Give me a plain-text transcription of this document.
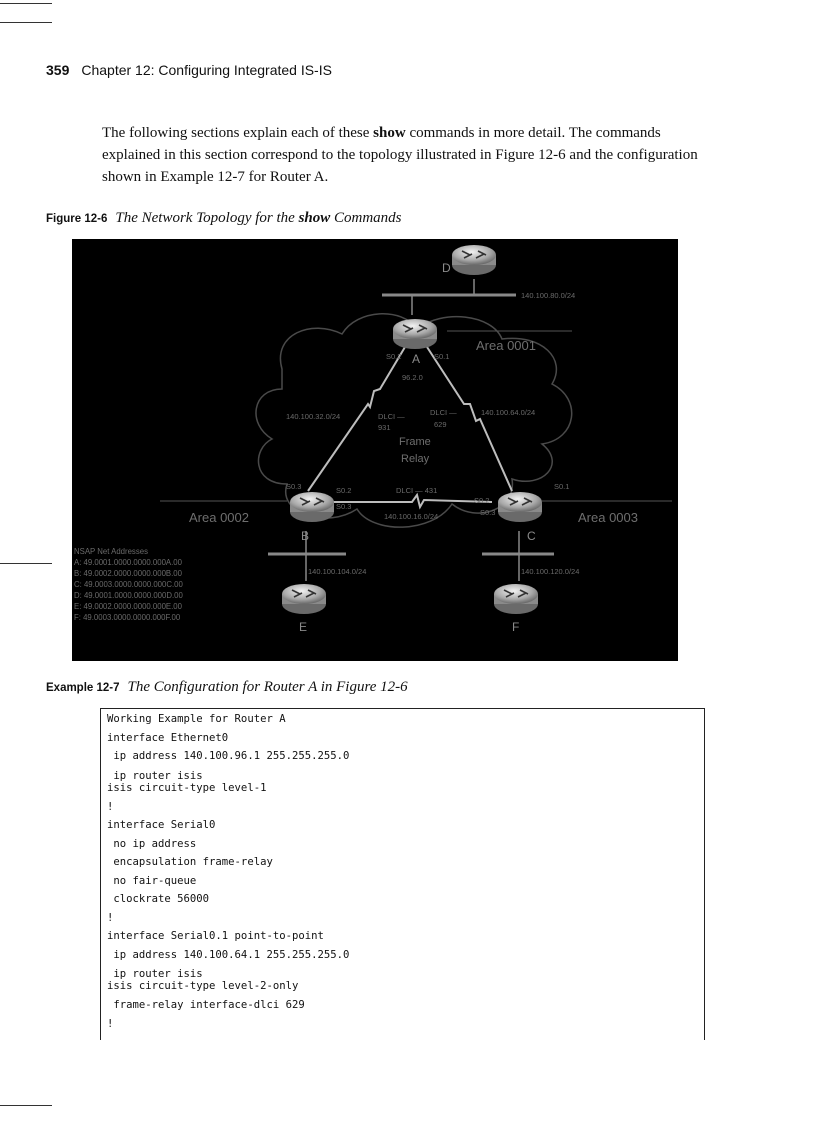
359 Chapter 12: Configuring Integrated IS-IS

The following sections explain each of these show commands in more detail. The commands explained in this section correspond to the topology illustrated in Figure 12-6 and the configuration shown in Example 12-7 for Router A.

Figure 12-6 The Network Topology for the show Commands
D
A
B	C
E	F
Area 0001
Area 0002	Area 0003
Frame
Relay
140.100.80.0/24
140.100.32.0/24	140.100.64.0/24
140.100.16.0/24
140.100.104.0/24	140.100.120.0/24
S0.2	S0.1
96.2.0
DLCI —
931
DLCI —
629
S0.3	S0.2
S0.3
DLCI — 431	S0.1
S0.2
S0.3
NSAP Net Addresses
A: 49.0001.0000.0000.000A.00
B: 49.0002.0000.0000.000B.00
C: 49.0003.0000.0000.000C.00
D: 49.0001.0000.0000.000D.00
E: 49.0002.0000.0000.000E.00
F: 49.0003.0000.0000.000F.00
Example 12-7 The Configuration for Router A in Figure 12-6
Working Example for Router A
interface Ethernet0
ip address 140.100.96.1 255.255.255.0
ip router isis
isis circuit-type level-1
!
interface Serial0
no ip address
encapsulation frame-relay
no fair-queue
clockrate 56000
!
interface Serial0.1 point-to-point
ip address 140.100.64.1 255.255.255.0
ip router isis
isis circuit-type level-2-only
frame-relay interface-dlci 629
!
